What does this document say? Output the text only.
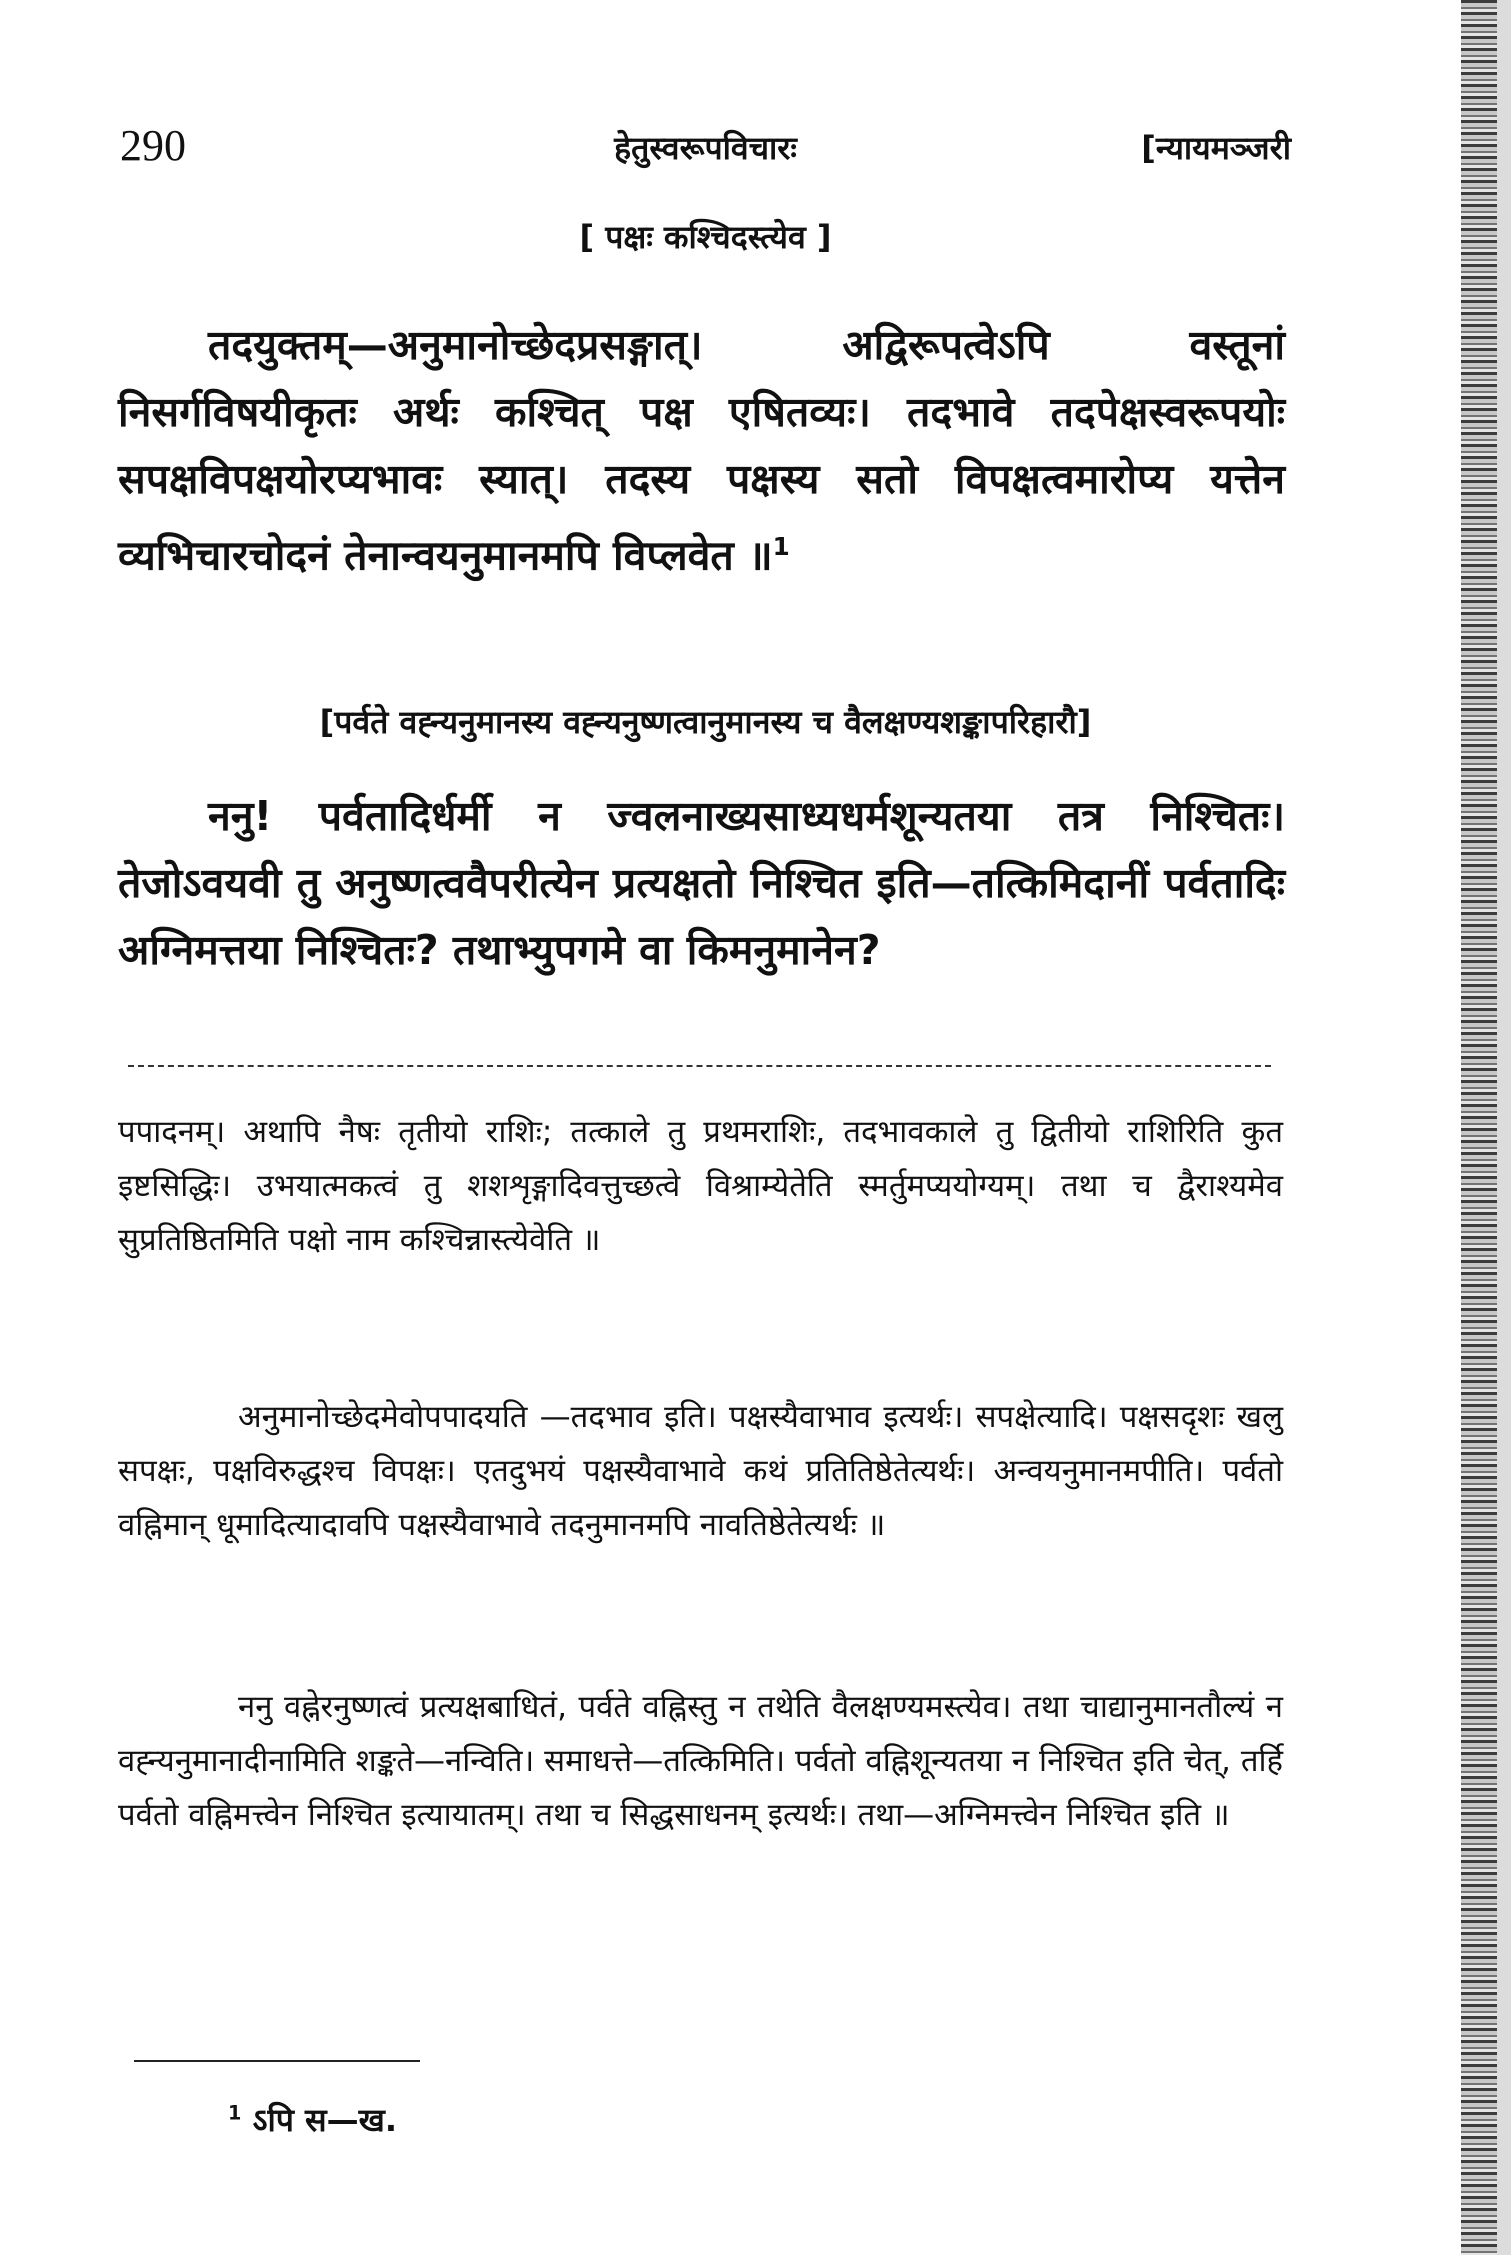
290	हेतुस्वरूपविचारः	[न्यायमञ्जरी
[ पक्षः कश्चिदस्त्येव ]
तदयुक्तम्—अनुमानोच्छेदप्रसङ्गात्। अद्विरूपत्वेऽपि वस्तूनां निसर्गविषयीकृतः अर्थः कश्चित् पक्ष एषितव्यः। तदभावे तदपेक्षस्वरूपयोः सपक्षविपक्षयोरप्यभावः स्यात्। तदस्य पक्षस्य सतो विपक्षत्वमारोप्य यत्तेन व्यभिचारचोदनं तेनान्वयनुमानमपि विप्लवेत ॥$^1$
[पर्वते वह्न्यनुमानस्य वह्न्यनुष्णत्वानुमानस्य च वैलक्षण्यशङ्कापरिहारौ]
ननु! पर्वतादिर्धर्मी न ज्वलनाख्यसाध्यधर्मशून्यतया तत्र निश्चितः। तेजोऽवयवी तु अनुष्णत्ववैपरीत्येन प्रत्यक्षतो निश्चित इति—तत्किमिदानीं पर्वतादिः अग्निमत्तया निश्चितः? तथाभ्युपगमे वा किमनुमानेन?
पपादनम्। अथापि नैषः तृतीयो राशिः; तत्काले तु प्रथमराशिः, तदभावकाले तु द्वितीयो राशिरिति कुत इष्टसिद्धिः। उभयात्मकत्वं तु शशशृङ्गादिवत्तुच्छत्वे विश्राम्येतेति स्मर्तुमप्ययोग्यम्। तथा च द्वैराश्यमेव सुप्रतिष्ठितमिति पक्षो नाम कश्चिन्नास्त्येवेति ॥
अनुमानोच्छेदमेवोपपादयति —तदभाव इति। पक्षस्यैवाभाव इत्यर्थः। सपक्षेत्यादि। पक्षसदृशः खलु सपक्षः, पक्षविरुद्धश्च विपक्षः। एतदुभयं पक्षस्यैवाभावे कथं प्रतितिष्ठेतेत्यर्थः। अन्वयनुमानमपीति। पर्वतो वह्निमान् धूमादित्यादावपि पक्षस्यैवाभावे तदनुमानमपि नावतिष्ठेतेत्यर्थः ॥
ननु वह्नेरनुष्णत्वं प्रत्यक्षबाधितं, पर्वते वह्निस्तु न तथेति वैलक्षण्यमस्त्येव। तथा चाद्यानुमानतौल्यं न वह्न्यनुमानादीनामिति शङ्कते—नन्विति। समाधत्ते—तत्किमिति। पर्वतो वह्निशून्यतया न निश्चित इति चेत्, तर्हि पर्वतो वह्निमत्त्वेन निश्चित इत्यायातम्। तथा च सिद्धसाधनम् इत्यर्थः। तथा—अग्निमत्त्वेन निश्चित इति ॥
$^1$ ऽपि स—ख.
